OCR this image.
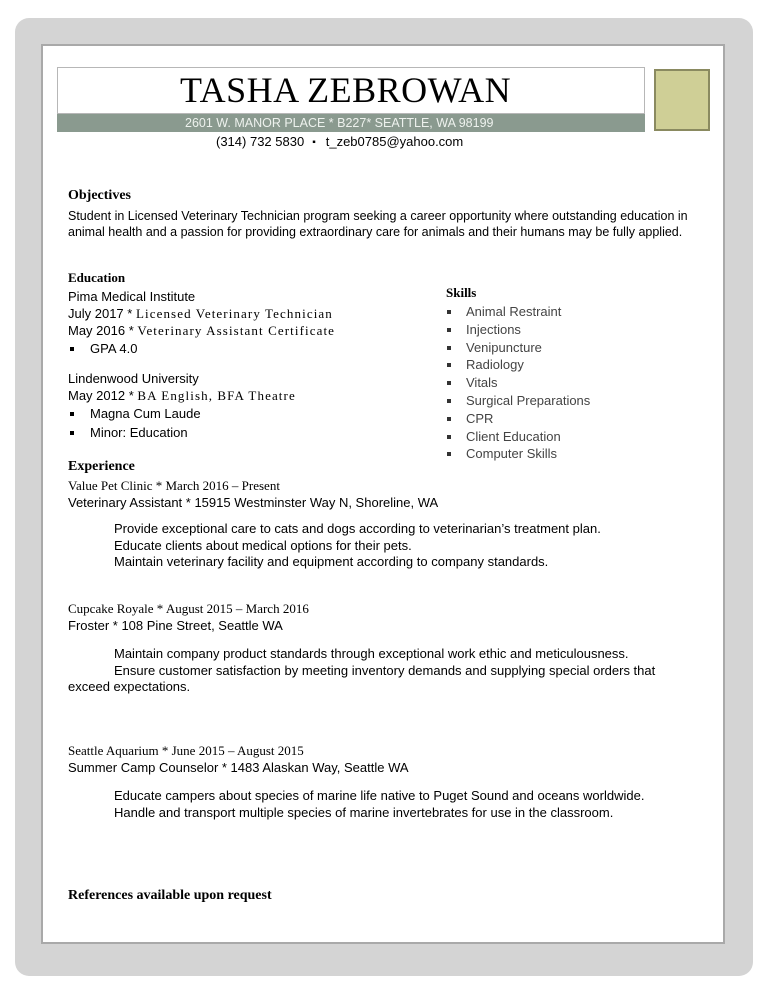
TASHA ZEBROWAN
2601 W. MANOR PLACE * B227* SEATTLE, WA 98199
(314) 732 5830 ▪ t_zeb0785@yahoo.com
Objectives
Student in Licensed Veterinary Technician program seeking a career opportunity where outstanding education in animal health and a passion for providing extraordinary care for animals and their humans may be fully applied.
Education
Pima Medical Institute
July 2017 * Licensed Veterinary Technician
May 2016 * Veterinary Assistant Certificate
GPA 4.0
Lindenwood University
May 2012 * BA English, BFA Theatre
Magna Cum Laude
Minor: Education
Skills
Animal Restraint
Injections
Venipuncture
Radiology
Vitals
Surgical Preparations
CPR
Client Education
Computer Skills
Experience
Value Pet Clinic * March 2016 – Present
Veterinary Assistant * 15915 Westminster Way N, Shoreline, WA
Provide exceptional care to cats and dogs according to veterinarian’s treatment plan.
Educate clients about medical options for their pets.
Maintain veterinary facility and equipment according to company standards.
Cupcake Royale * August 2015 – March 2016
Froster * 108 Pine Street, Seattle WA
Maintain company product standards through exceptional work ethic and meticulousness.
Ensure customer satisfaction by meeting inventory demands and supplying special orders that exceed expectations.
Seattle Aquarium * June 2015 – August 2015
Summer Camp Counselor * 1483 Alaskan Way, Seattle WA
Educate campers about species of marine life native to Puget Sound and oceans worldwide.
Handle and transport multiple species of marine invertebrates for use in the classroom.
References available upon request
